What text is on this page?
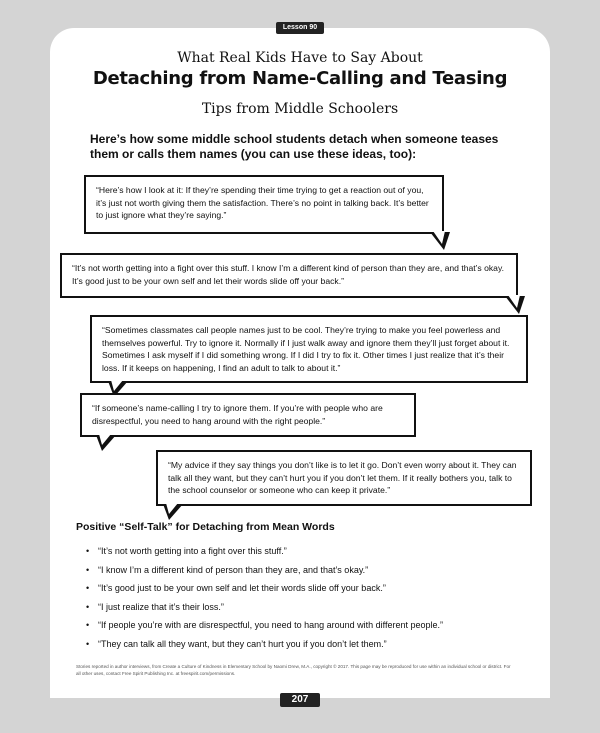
Lesson 90
What Real Kids Have to Say About
Detaching from Name-Calling and Teasing
Tips from Middle Schoolers
Here’s how some middle school students detach when someone teases them or calls them names (you can use these ideas, too):

“Here’s how I look at it: If they’re spending their time trying to get a reaction out of you, it’s just not worth giving them the satisfaction. There’s no point in talking back. It’s better to just ignore what they’re saying.”

“It’s not worth getting into a fight over this stuff. I know I’m a different kind of person than they are, and that’s okay. It’s good just to be your own self and let their words slide off your back.”

“Sometimes classmates call people names just to be cool. They’re trying to make you feel powerless and themselves powerful. Try to ignore it. Normally if I just walk away and ignore them they’ll just forget about it. Sometimes I ask myself if I did something wrong. If I did I try to fix it. Other times I just realize that it’s their loss. If it keeps on happening, I find an adult to talk to about it.”

“If someone’s name-calling I try to ignore them. If you’re with people who are disrespectful, you need to hang around with the right people.”

“My advice if they say things you don’t like is to let it go. Don’t even worry about it. They can talk all they want, but they can’t hurt you if you don’t let them. If it really bothers you, talk to the school counselor or someone who can keep it private.”

Positive “Self-Talk” for Detaching from Mean Words
• “It’s not worth getting into a fight over this stuff.”
• “I know I’m a different kind of person than they are, and that’s okay.”
• “It’s good just to be your own self and let their words slide off your back.”
• “I just realize that it’s their loss.”
• “If people you’re with are disrespectful, you need to hang around with different people.”
• “They can talk all they want, but they can’t hurt you if you don’t let them.”
Stories reported in author interviews, from Create a Culture of Kindness in Elementary School by Naomi Drew, M.A., copyright © 2017. This page may be reproduced for use within an individual school or district. For all other uses, contact Free Spirit Publishing Inc. at freespirit.com/permissions.
207
